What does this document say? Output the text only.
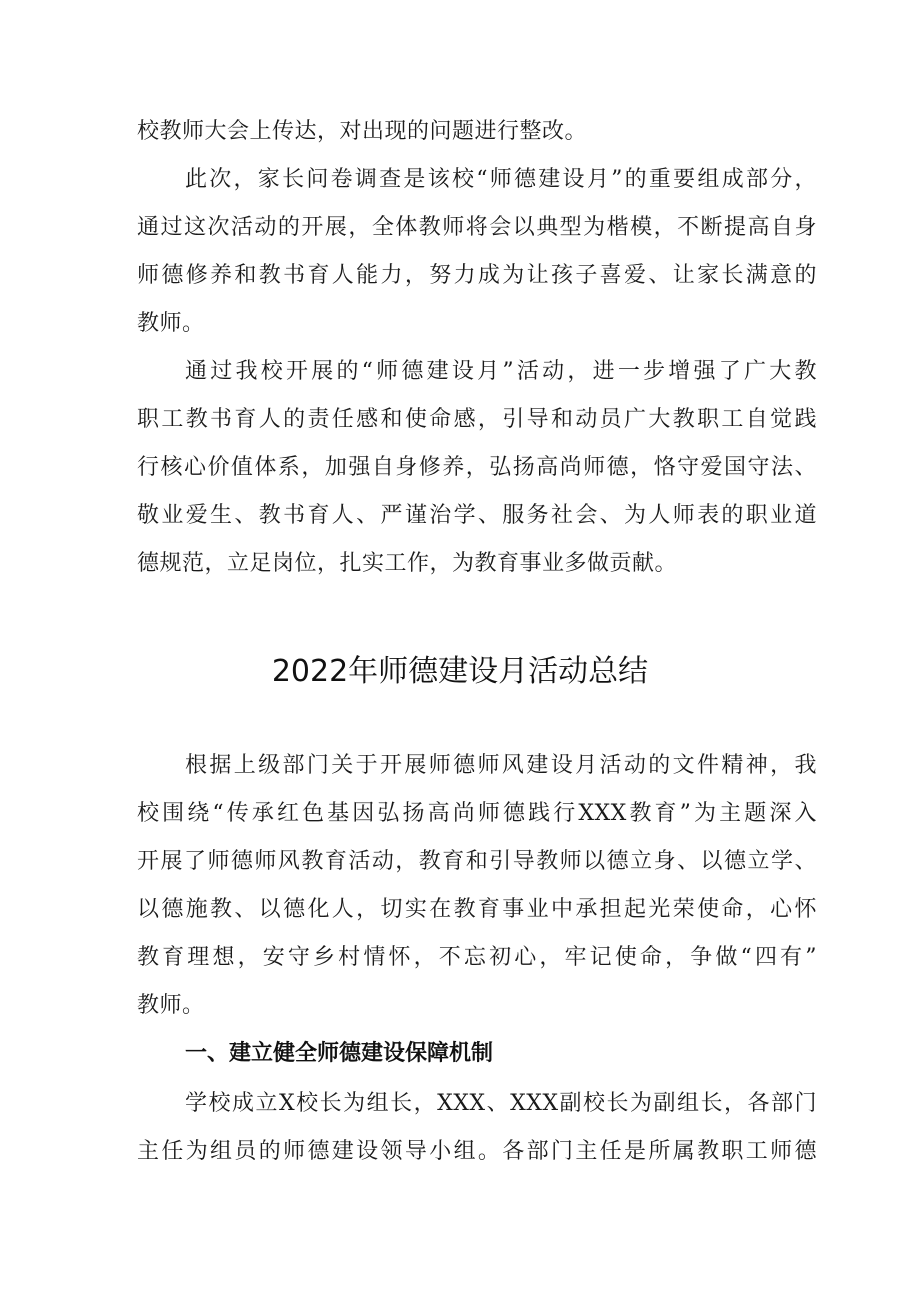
校教师大会上传达，对出现的问题进行整改。
此次，家长问卷调查是该校“师德建设月”的重要组成部分，
通过这次活动的开展，全体教师将会以典型为楷模，不断提高自身
师德修养和教书育人能力，努力成为让孩子喜爱、让家长满意的
教师。
通过我校开展的“师德建设月”活动，进一步增强了广大教
职工教书育人的责任感和使命感，引导和动员广大教职工自觉践
行核心价值体系，加强自身修养，弘扬高尚师德，恪守爱国守法、
敬业爱生、教书育人、严谨治学、服务社会、为人师表的职业道
德规范，立足岗位，扎实工作，为教育事业多做贡献。
2022年师德建设月活动总结
根据上级部门关于开展师德师风建设月活动的文件精神，我
校围绕“传承红色基因弘扬高尚师德践行XXX教育”为主题深入
开展了师德师风教育活动，教育和引导教师以德立身、以德立学、
以德施教、以德化人，切实在教育事业中承担起光荣使命，心怀
教育理想，安守乡村情怀，不忘初心，牢记使命，争做“四有”
教师。
一、建立健全师德建设保障机制
学校成立X校长为组长，XXX、XXX副校长为副组长，各部门
主任为组员的师德建设领导小组。各部门主任是所属教职工师德
